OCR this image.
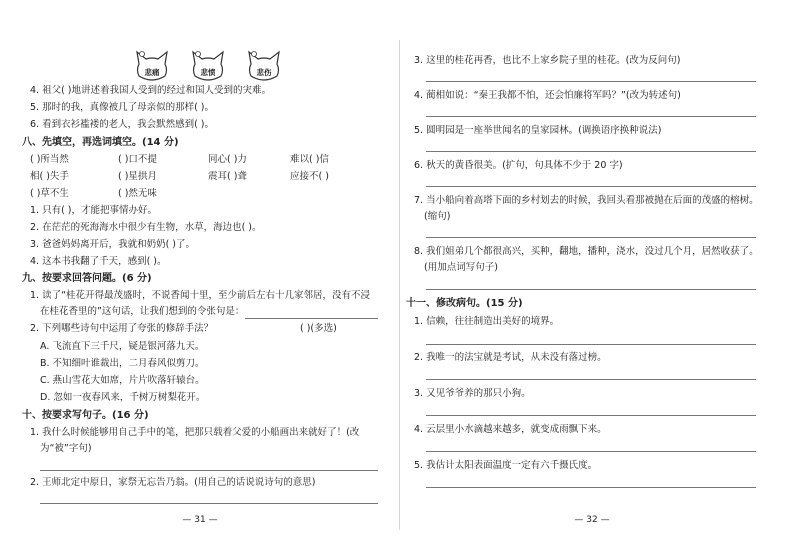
悲痛	悲愤	悲伤
4. 祖父( )地讲述着我国人受到的经过和国人受到的宊难。
5. 那时的我，真像被几了母亲似的那样( )。
6. 看到衣衫褴褛的老人，我会默然感到( )。
八、先填空，再选词填空。(14 分)
( )所当然	( )口不提	同心( )力	难以( )信
相( )失手	( )星拱月	震耳( )聋	应接不( )
( )草不生	( )然无味
1. 只有( )，才能把事情办好。
2. 在茫茫的死海海水中很少有生物，水草，海边也( )。
3. 爸爸妈妈离开后，我就和奶奶( )了。
4. 这本书我翻了千天，感到( )。
九、按要求回答问题。(6 分)
1. 读了“桂花开得最茂盛时，不说香闻十里，至少前后左右十几家邻居，没有不浸
在桂花香里的”这句话，让我们想到的令张句是：
2. 下列哪些诗句中运用了夸张的修辞手法？	( )(多选)
A. 飞流直下三千尺，疑是银河落九天。
B. 不知细叶谁裁出，二月春风似剪刀。
C. 燕山雪花大如席，片片吹落轩辕台。
D. 忽如一夜春风来，千树万树梨花开。
十、按要求写句子。(16 分)
1. 我什么时候能够用自己手中的笔，把那只载着父爱的小船画出来就好了！(改
为“被”字句)
2. 王师北定中原日，家祭无忘告乃翁。(用自己的话说说诗句的意思)
— 31 —
3. 这里的桂花再香，也比不上家乡院子里的桂花。(改为反问句)
4. 蔺相如说：“秦王我都不怕，还会怕廉将军吗？”(改为转述句)
5. 圆明园是一座举世闻名的皇家园林。(调换语序换种说法)
6. 秋天的黄昏很美。(扩句，句具体不少于 20 字)
7. 当小船向着高塔下面的乡村划去的时候，我回头看那被抛在后面的茂盛的榕树。
(缩句)
8. 我们姐弟几个都很高兴，买种，翻地，播种，浇水，没过几个月，居然收获了。
(用加点词写句子)
十一、修改病句。(15 分)
1. 信赖，往往制造出美好的境界。
2. 我唯一的法宝就是考试，从未没有落过榜。
3. 又见爷爷养的那只小狗。
4. 云层里小水滴越来越多，就变成雨飘下来。
5. 我估计太阳表面温度一定有六千摄氏度。
— 32 —
